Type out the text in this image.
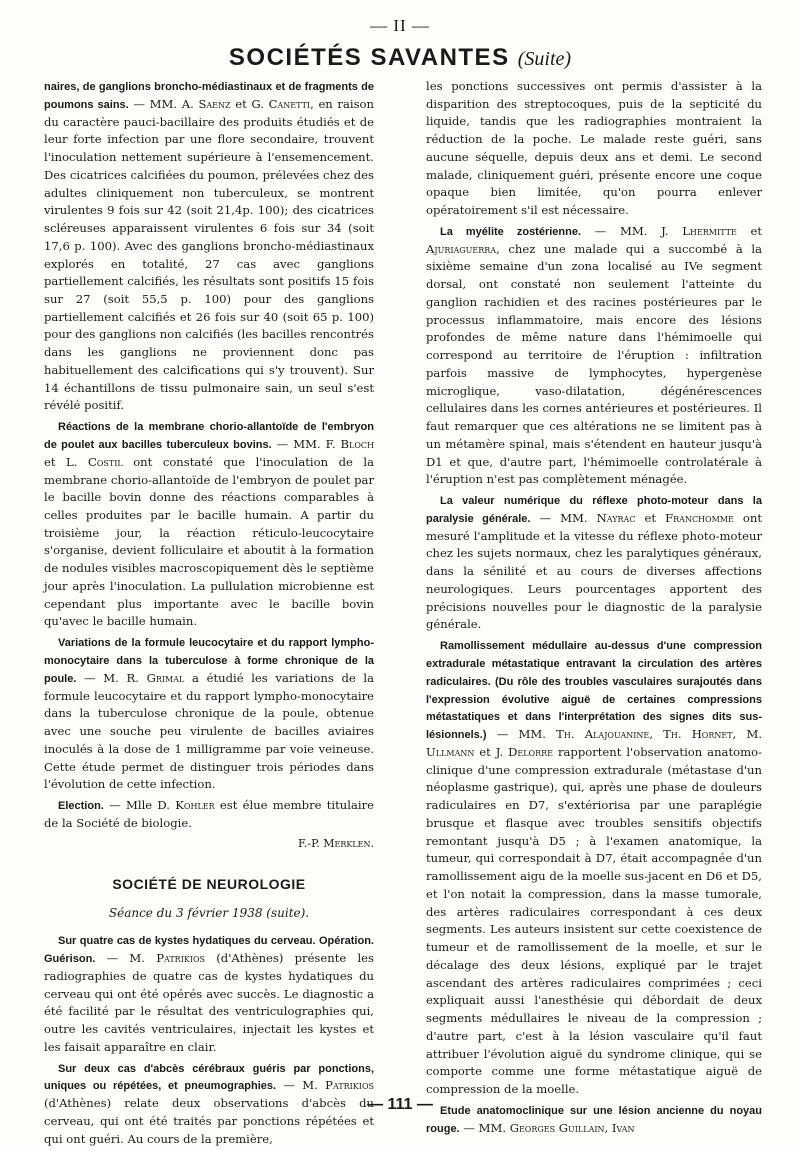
— II —
SOCIÉTÉS SAVANTES (Suite)

naires, de ganglions broncho-médiastinaux et de fragments de poumons sains. — MM. A. Saenz et G. Canetti, en raison du caractère pauci-bacillaire des produits étudiés et de leur forte infection par une flore secondaire, trouvent l'inoculation nettement supérieure à l'ensemencement. Des cicatrices calcifiées du poumon, prélevées chez des adultes cliniquement non tuberculeux, se montrent virulentes 9 fois sur 42 (soit 21,4p. 100); des cicatrices scléreuses apparaissent virulentes 6 fois sur 34 (soit 17,6 p. 100). Avec des ganglions broncho-médiastinaux explorés en totalité, 27 cas avec ganglions partiellement calcifiés, les résultats sont positifs 15 fois sur 27 (soit 55,5 p. 100) pour des ganglions partiellement calcifiés et 26 fois sur 40 (soit 65 p. 100) pour des ganglions non calcifiés (les bacilles rencontrés dans les ganglions ne proviennent donc pas habituellement des calcifications qui s'y trouvent). Sur 14 échantillons de tissu pulmonaire sain, un seul s'est révélé positif.

Réactions de la membrane chorio-allantoïde de l'embryon de poulet aux bacilles tuberculeux bovins. — MM. F. Bloch et L. Costil ont constaté que l'inoculation de la membrane chorio-allantoïde de l'embryon de poulet par le bacille bovin donne des réactions comparables à celles produites par le bacille humain. A partir du troisième jour, la réaction réticulo-leucocytaire s'organise, devient folliculaire et aboutit à la formation de nodules visibles macroscopiquement dès le septième jour après l'inoculation. La pullulation microbienne est cependant plus importante avec le bacille bovin qu'avec le bacille humain.

Variations de la formule leucocytaire et du rapport lympho-monocytaire dans la tuberculose à forme chronique de la poule. — M. R. Grimal a étudié les variations de la formule leucocytaire et du rapport lympho-monocytaire dans la tuberculose chronique de la poule, obtenue avec une souche peu virulente de bacilles aviaires inoculés à la dose de 1 milligramme par voie veineuse. Cette étude permet de distinguer trois périodes dans l'évolution de cette infection.

Election. — Mlle D. Kohler est élue membre titulaire de la Société de biologie.

F.-P. Merklen.

SOCIÉTÉ DE NEUROLOGIE
Séance du 3 février 1938 (suite).

Sur quatre cas de kystes hydatiques du cerveau. Opération. Guérison. — M. Patrikios (d'Athènes) présente les radiographies de quatre cas de kystes hydatiques du cerveau qui ont été opérés avec succès. Le diagnostic a été facilité par le résultat des ventriculographies qui, outre les cavités ventriculaires, injectait les kystes et les faisait apparaître en clair.

Sur deux cas d'abcès cérébraux guéris par ponctions, uniques ou répétées, et pneumographies. — M. Patrikios (d'Athènes) relate deux observations d'abcès du cerveau, qui ont été traités par ponctions répétées et qui ont guéri. Au cours de la première,

les ponctions successives ont permis d'assister à la disparition des streptocoques, puis de la septicité du liquide, tandis que les radiographies montraient la réduction de la poche. Le malade reste guéri, sans aucune séquelle, depuis deux ans et demi. Le second malade, cliniquement guéri, présente encore une coque opaque bien limitée, qu'on pourra enlever opératoirement s'il est nécessaire.

La myélite zostérienne. — MM. J. Lhermitte et Ajuriaguerra, chez une malade qui a succombé à la sixième semaine d'un zona localisé au IVe segment dorsal, ont constaté non seulement l'atteinte du ganglion rachidien et des racines postérieures par le processus inflammatoire, mais encore des lésions profondes de même nature dans l'hémimoelle qui correspond au territoire de l'éruption : infiltration parfois massive de lymphocytes, hypergenèse microglique, vaso-dilatation, dégénérescences cellulaires dans les cornes antérieures et postérieures. Il faut remarquer que ces altérations ne se limitent pas à un métamère spinal, mais s'étendent en hauteur jusqu'à D1 et que, d'autre part, l'hémimoelle controlatérale à l'éruption n'est pas complètement ménagée.

La valeur numérique du réflexe photo-moteur dans la paralysie générale. — MM. Nayrac et Franchomme ont mesuré l'amplitude et la vitesse du réflexe photo-moteur chez les sujets normaux, chez les paralytiques généraux, dans la sénilité et au cours de diverses affections neurologiques. Leurs pourcentages apportent des précisions nouvelles pour le diagnostic de la paralysie générale.

Ramollissement médullaire au-dessus d'une compression extradurale métastatique entravant la circulation des artères radiculaires. (Du rôle des troubles vasculaires surajoutés dans l'expression évolutive aiguë de certaines compressions métastatiques et dans l'interprétation des signes dits sus-lésionnels.) — MM. Th. Alajouanine, Th. Hornet, M. Ullmann et J. Delorre rapportent l'observation anatomo-clinique d'une compression extradurale (métastase d'un néoplasme gastrique), qui, après une phase de douleurs radiculaires en D7, s'extériorisa par une paraplégie brusque et flasque avec troubles sensitifs objectifs remontant jusqu'à D5 ; à l'examen anatomique, la tumeur, qui correspondait à D7, était accompagnée d'un ramollissement aigu de la moelle sus-jacent en D6 et D5, et l'on notait la compression, dans la masse tumorale, des artères radiculaires correspondant à ces deux segments. Les auteurs insistent sur cette coexistence de tumeur et de ramollissement de la moelle, et sur le décalage des deux lésions, expliqué par le trajet ascendant des artères radiculaires comprimées ; ceci expliquait aussi l'anesthésie qui débordait de deux segments médullaires le niveau de la compression ; d'autre part, c'est à la lésion vasculaire qu'il faut attribuer l'évolution aiguë du syndrome clinique, qui se comporte comme une forme métastatique aiguë de compression de la moelle.

Etude anatomoclinique sur une lésion ancienne du noyau rouge. — MM. Georges Guillain, Ivan

— 111 —
